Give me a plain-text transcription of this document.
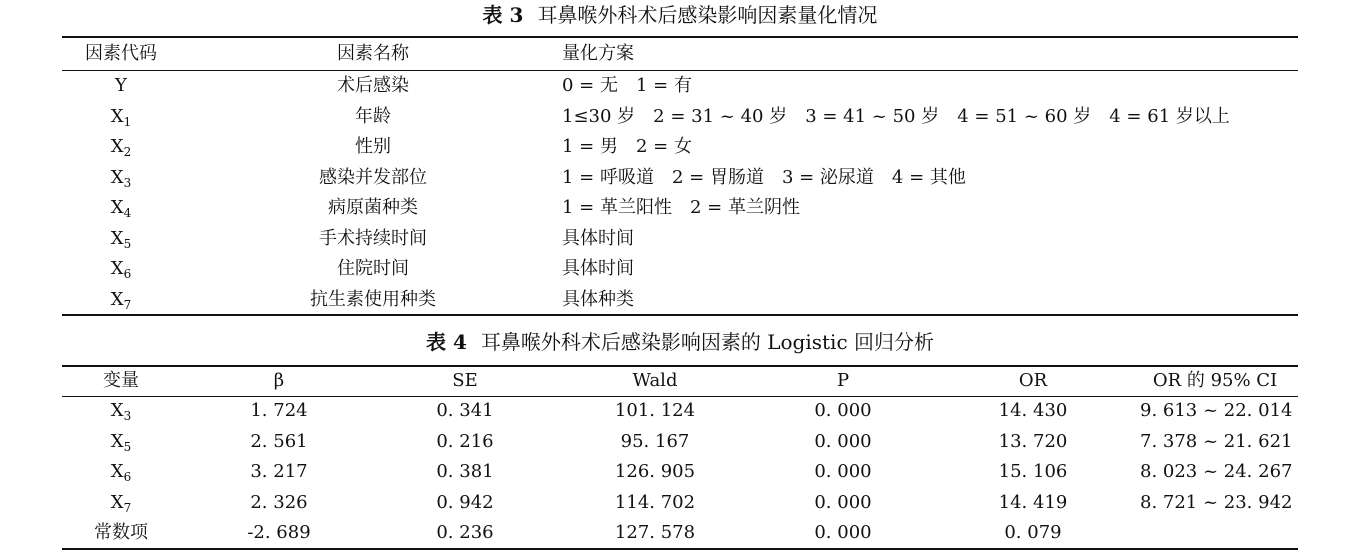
表 3 耳鼻喉外科术后感染影响因素量化情况
因素代码	因素名称	量化方案
Y	术后感染	0 = 无　1 = 有
$X_1$	年龄	1≤30 岁　2 = 31 ~ 40 岁　3 = 41 ~ 50 岁　4 = 51 ~ 60 岁　4 = 61 岁以上
$X_2$	性别	1 = 男　2 = 女
$X_3$	感染并发部位	1 = 呼吸道　2 = 胃肠道　3 = 泌尿道　4 = 其他
$X_4$	病原菌种类	1 = 革兰阳性　2 = 革兰阴性
$X_5$	手术持续时间	具体时间
$X_6$	住院时间	具体时间
$X_7$	抗生素使用种类	具体种类
表 4 耳鼻喉外科术后感染影响因素的 Logistic 回归分析
变量	β	SE	Wald	P	OR	OR 的 95% CI
$X_3$	1. 724	0. 341	101. 124	0. 000	14. 430	9. 613 ~ 22. 014
$X_5$	2. 561	0. 216	95. 167	0. 000	13. 720	7. 378 ~ 21. 621
$X_6$	3. 217	0. 381	126. 905	0. 000	15. 106	8. 023 ~ 24. 267
$X_7$	2. 326	0. 942	114. 702	0. 000	14. 419	8. 721 ~ 23. 942
常数项	-2. 689	0. 236	127. 578	0. 000	0. 079
